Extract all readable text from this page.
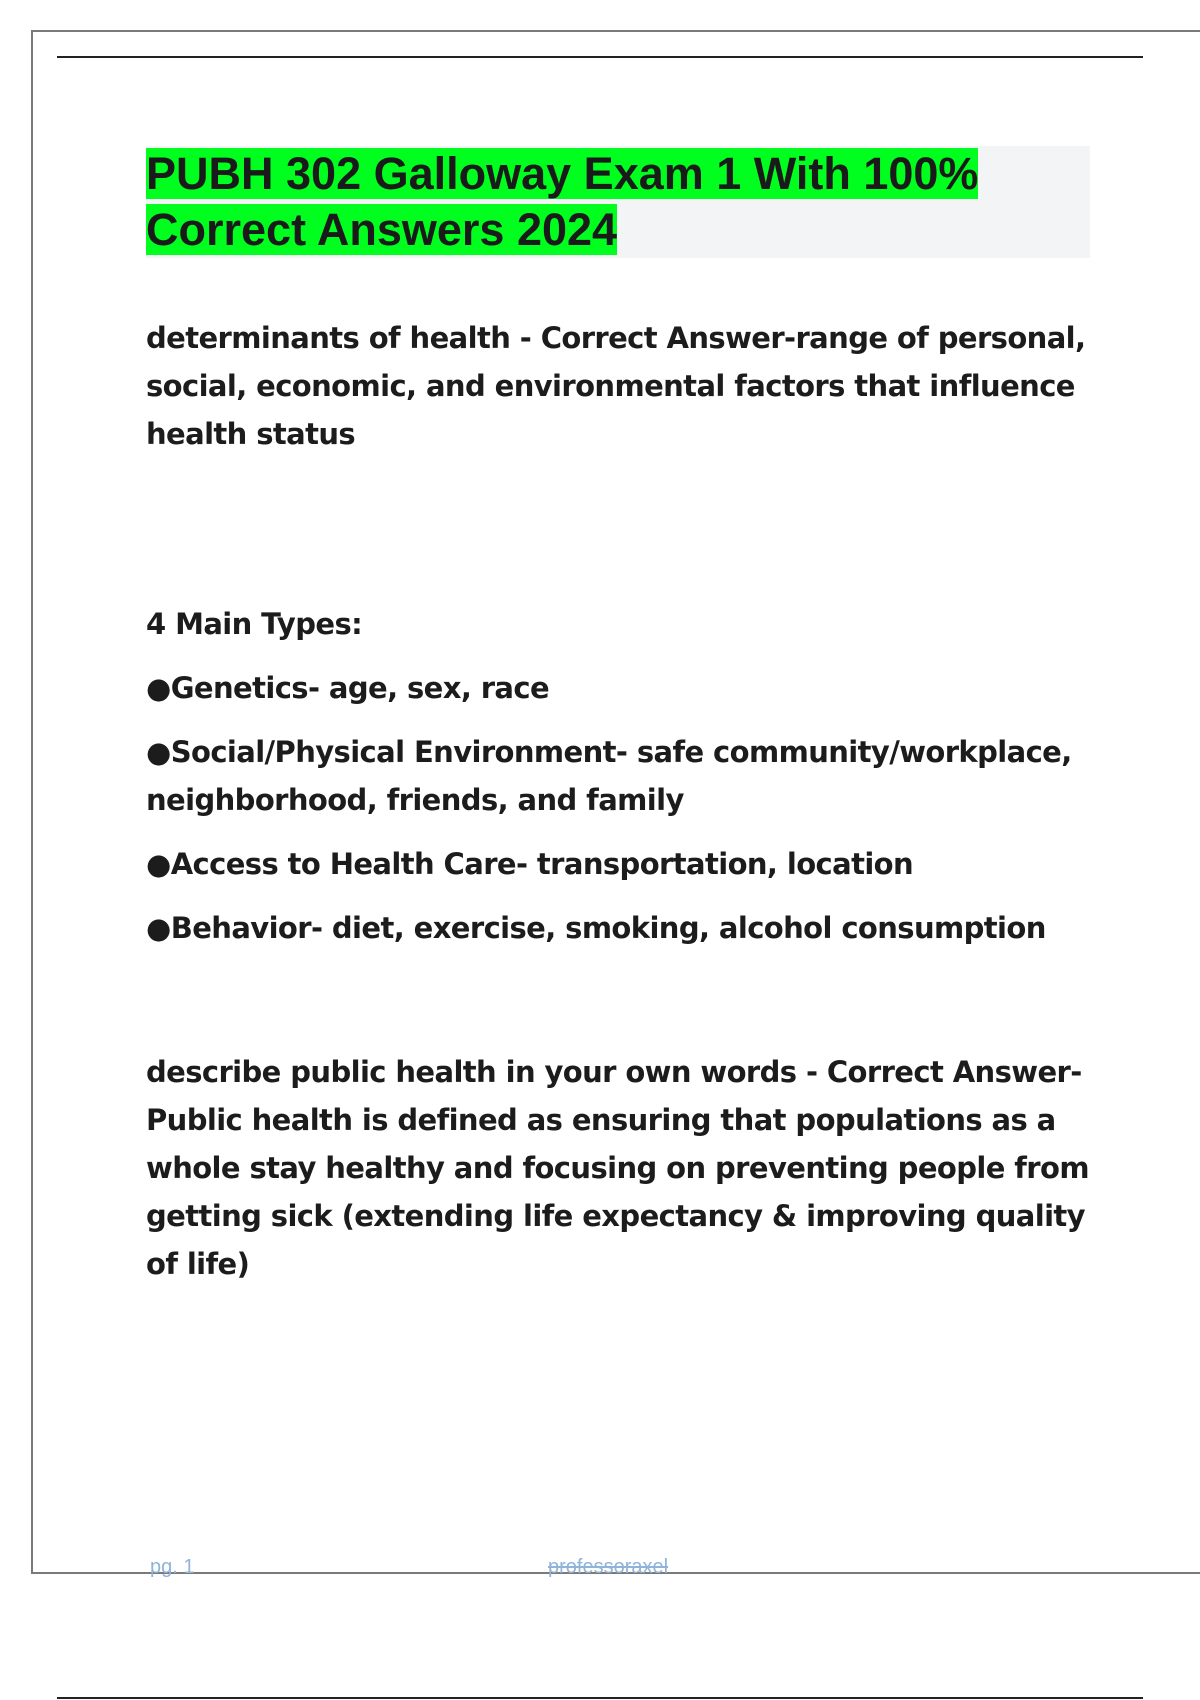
PUBH 302 Galloway Exam 1 With 100%
Correct Answers 2024

determinants of health - Correct Answer-range of personal, social, economic, and environmental factors that influence health status

4 Main Types:

●Genetics- age, sex, race

●Social/Physical Environment- safe community/workplace, neighborhood, friends, and family

●Access to Health Care- transportation, location

●Behavior- diet, exercise, smoking, alcohol consumption

describe public health in your own words - Correct Answer-Public health is defined as ensuring that populations as a whole stay healthy and focusing on preventing people from getting sick (extending life expectancy & improving quality of life)

pg. 1	professoraxel
